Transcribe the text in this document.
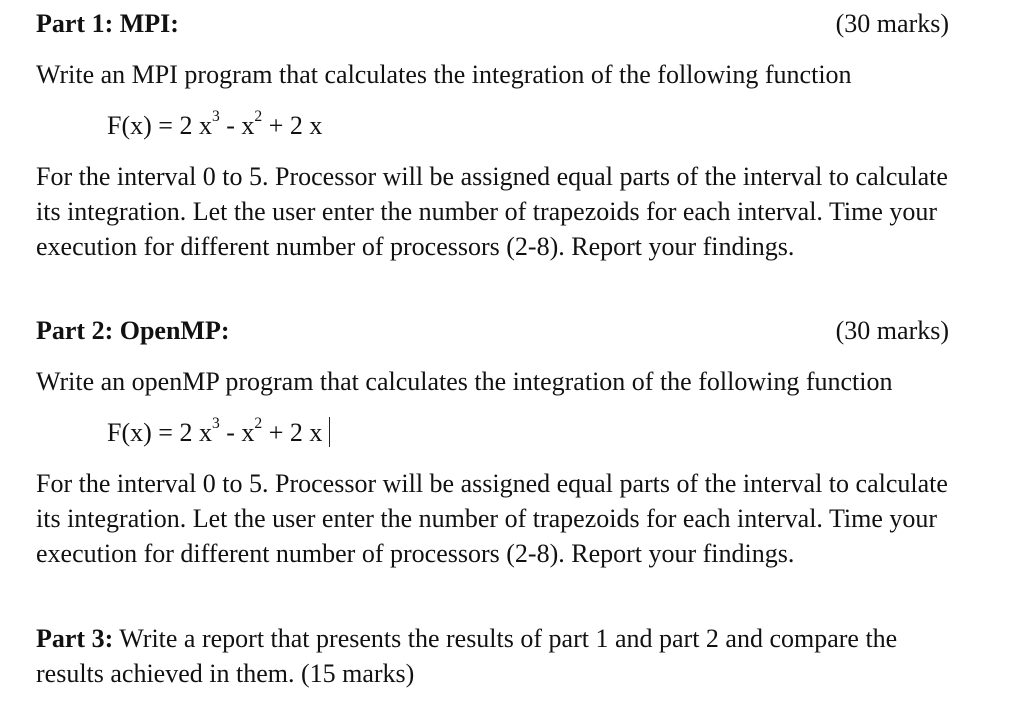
Part 1: MPI:	(30 marks)

Write an MPI program that calculates the integration of the following function

F(x) = 2 $x^3 - x^2 + 2$ x

For the interval 0 to 5. Processor will be assigned equal parts of the interval to calculate its integration. Let the user enter the number of trapezoids for each interval. Time your execution for different number of processors (2-8). Report your findings.

Part 2: OpenMP:	(30 marks)

Write an openMP program that calculates the integration of the following function

F(x) = 2 $x^3 - x^2 + 2$ x

For the interval 0 to 5. Processor will be assigned equal parts of the interval to calculate its integration. Let the user enter the number of trapezoids for each interval. Time your execution for different number of processors (2-8). Report your findings.

Part 3: Write a report that presents the results of part 1 and part 2 and compare the results achieved in them. (15 marks)
